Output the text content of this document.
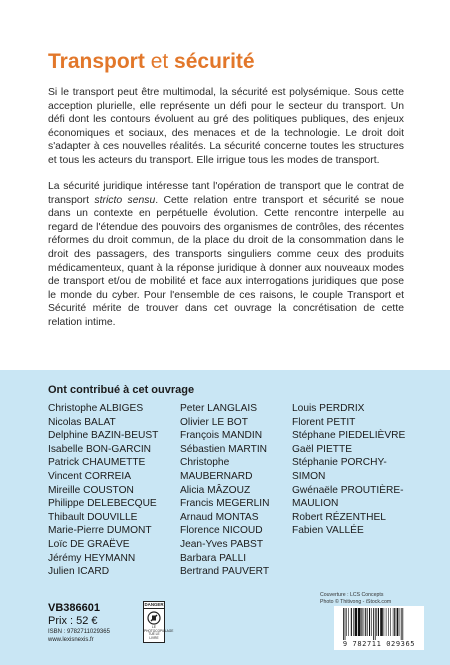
Transport et sécurité
Si le transport peut être multimodal, la sécurité est polysémique. Sous cette acception plurielle, elle représente un défi pour le secteur du transport. Un défi dont les contours évoluent au gré des politiques publiques, des enjeux économiques et sociaux, des menaces et de la technologie. Le droit doit s'adapter à ces nouvelles réalités. La sécurité concerne toutes les structures et tous les acteurs du transport. Elle irrigue tous les modes de transport.
La sécurité juridique intéresse tant l'opération de transport que le contrat de transport stricto sensu. Cette relation entre transport et sécurité se noue dans un contexte en perpétuelle évolution. Cette rencontre interpelle au regard de l'étendue des pouvoirs des organismes de contrôles, des récentes réformes du droit commun, de la place du droit de la consommation dans le droit des passagers, des transports singuliers comme ceux des produits médicamenteux, quant à la réponse juridique à donner aux nouveaux modes de transport et/ou de mobilité et face aux interrogations juridiques que pose le monde du cyber. Pour l'ensemble de ces raisons, le couple Transport et Sécurité mérite de trouver dans cet ouvrage la concrétisation de cette relation intime.
Ont contribué à cet ouvrage
Christophe ALBIGES
Nicolas BALAT
Delphine BAZIN-BEUST
Isabelle BON-GARCIN
Patrick CHAUMETTE
Vincent CORREIA
Mireille COUSTON
Philippe DELEBECQUE
Thibault DOUVILLE
Marie-Pierre DUMONT
Loïc DE GRAËVE
Jérémy HEYMANN
Julien ICARD
Peter LANGLAIS
Olivier LE BOT
François MANDIN
Sébastien MARTIN
Christophe
MAUBERNARD
Alicia MÂZOUZ
Francis MEGERLIN
Arnaud MONTAS
Florence NICOUD
Jean-Yves PABST
Barbara PALLI
Bertrand PAUVERT
Louis PERDRIX
Florent PETIT
Stéphane PIEDELIÈVRE
Gaël PIETTE
Stéphanie PORCHY-
SIMON
Gwénaële PROUTIÈRE-
MAULION
Robert RÉZENTHEL
Fabien VALLÉE
Couverture : LCS Concepts
Photo © Thitivong - iStock.com
VB386601
Prix : 52 €
ISBN : 9782711029365
www.lexisnexis.fr
DANGER
LE PHOTOCOPILLAGE TUE LE LIVRE
9 782711 029365
